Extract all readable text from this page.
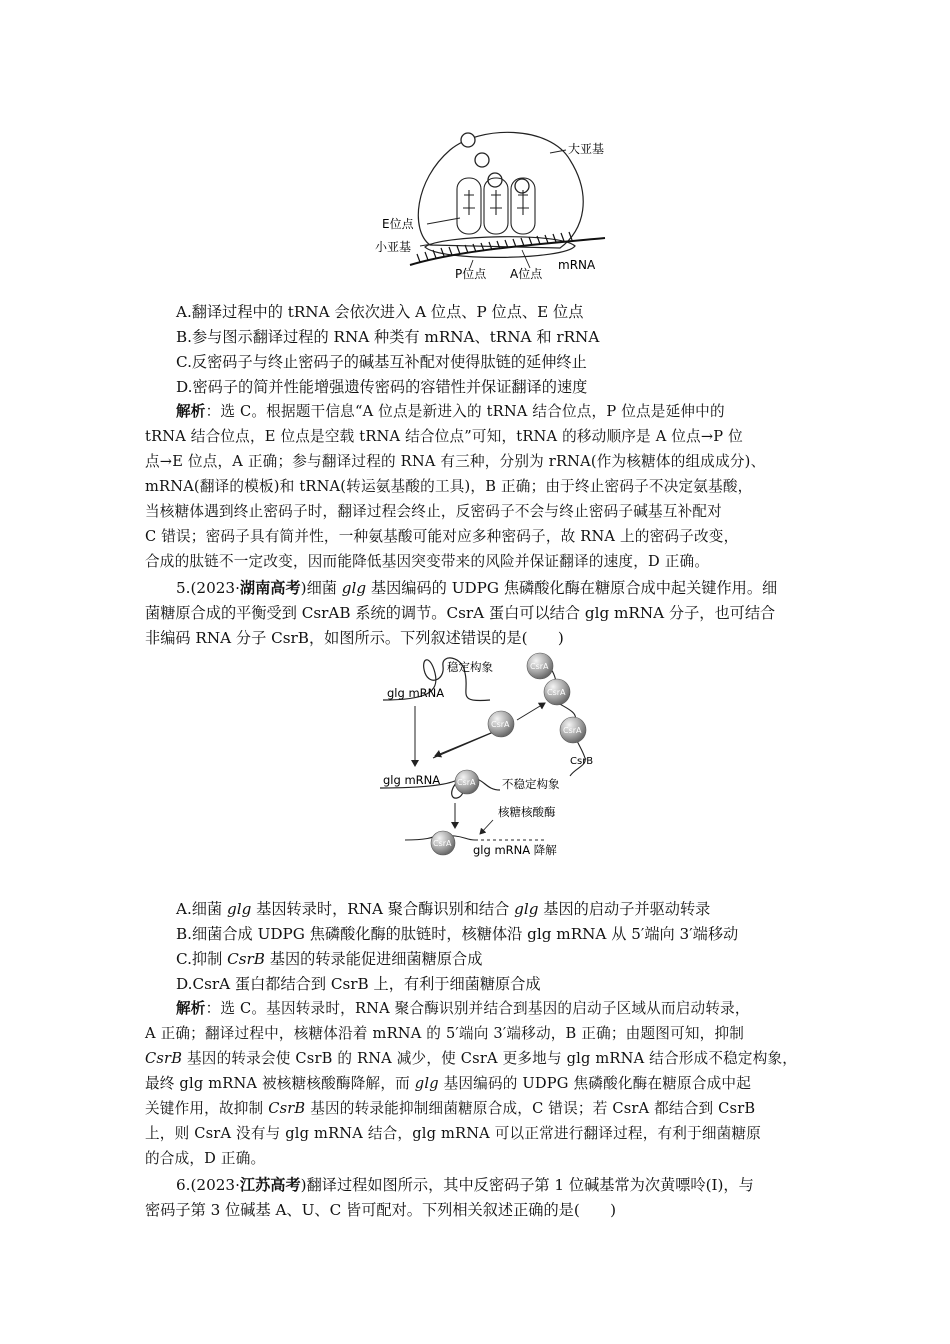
大亚基
E位点
小亚基
P位点 A位点
mRNA
A.翻译过程中的 tRNA 会依次进入 A 位点、P 位点、E 位点
B.参与图示翻译过程的 RNA 种类有 mRNA、tRNA 和 rRNA
C.反密码子与终止密码子的碱基互补配对使得肽链的延伸终止
D.密码子的简并性能增强遗传密码的容错性并保证翻译的速度
解析：选 C。根据题干信息“A 位点是新进入的 tRNA 结合位点，P 位点是延伸中的
tRNA 结合位点，E 位点是空载 tRNA 结合位点”可知，tRNA 的移动顺序是 A 位点→P 位
点→E 位点，A 正确；参与翻译过程的 RNA 有三种，分别为 rRNA(作为核糖体的组成成分)、
mRNA(翻译的模板)和 tRNA(转运氨基酸的工具)，B 正确；由于终止密码子不决定氨基酸，
当核糖体遇到终止密码子时，翻译过程会终止，反密码子不会与终止密码子碱基互补配对
C 错误；密码子具有简并性，一种氨基酸可能对应多种密码子，故 RNA 上的密码子改变，
合成的肽链不一定改变，因而能降低基因突变带来的风险并保证翻译的速度，D 正确。
5.(2023·湖南高考)细菌 glg 基因编码的 UDPG 焦磷酸化酶在糖原合成中起关键作用。细
菌糖原合成的平衡受到 CsrAB 系统的调节。CsrA 蛋白可以结合 glg mRNA 分子，也可结合
非编码 RNA 分子 CsrB，如图所示。下列叙述错误的是(　　)
稳定构象
glg mRNA
CsrA
CsrA
CsrA
CsrA
CsrB
glg mRNA CsrA 不稳定构象
核糖核酸酶
CsrA glg mRNA 降解
A.细菌 glg 基因转录时，RNA 聚合酶识别和结合 glg 基因的启动子并驱动转录
B.细菌合成 UDPG 焦磷酸化酶的肽链时，核糖体沿 glg mRNA 从 5′端向 3′端移动
C.抑制 CsrB 基因的转录能促进细菌糖原合成
D.CsrA 蛋白都结合到 CsrB 上，有利于细菌糖原合成
解析：选 C。基因转录时，RNA 聚合酶识别并结合到基因的启动子区域从而启动转录，
A 正确；翻译过程中，核糖体沿着 mRNA 的 5′端向 3′端移动，B 正确；由题图可知，抑制
CsrB 基因的转录会使 CsrB 的 RNA 减少，使 CsrA 更多地与 glg mRNA 结合形成不稳定构象，
最终 glg mRNA 被核糖核酸酶降解，而 glg 基因编码的 UDPG 焦磷酸化酶在糖原合成中起
关键作用，故抑制 CsrB 基因的转录能抑制细菌糖原合成，C 错误；若 CsrA 都结合到 CsrB
上，则 CsrA 没有与 glg mRNA 结合，glg mRNA 可以正常进行翻译过程，有利于细菌糖原
的合成，D 正确。
6.(2023·江苏高考)翻译过程如图所示，其中反密码子第 1 位碱基常为次黄嘌呤(I)，与
密码子第 3 位碱基 A、U、C 皆可配对。下列相关叙述正确的是(　　)
